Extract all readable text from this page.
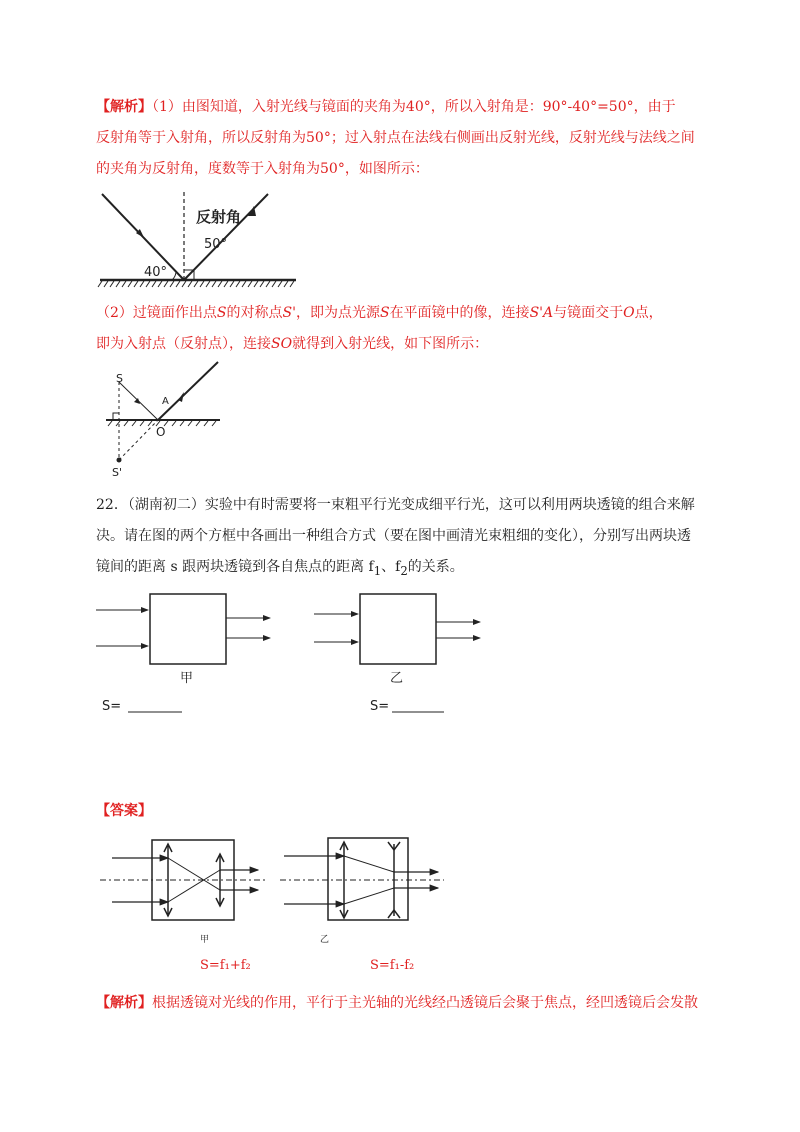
【解析】（1）由图知道，入射光线与镜面的夹角为40°，所以入射角是：90°-40°=50°，由于
反射角等于入射角，所以反射角为50°；过入射点在法线右侧画出反射光线，反射光线与法线之间
的夹角为反射角，度数等于入射角为50°，如图所示：
反射角
50°
40°
（2）过镜面作出点S的对称点S'，即为点光源S在平面镜中的像，连接S'A与镜面交于O点，
即为入射点（反射点），连接SO就得到入射光线，如下图所示：
S
A
O
S'
22．（湖南初二）实验中有时需要将一束粗平行光变成细平行光，这可以利用两块透镜的组合来解
决。请在图的两个方框中各画出一种组合方式（要在图中画清光束粗细的变化），分别写出两块透
镜间的距离 s 跟两块透镜到各自焦点的距离 $f_1$、$f_2$的关系。
甲
S=
乙
S=
【答案】
甲	乙
S=f₁+f₂	S=f₁-f₂
【解析】根据透镜对光线的作用，平行于主光轴的光线经凸透镜后会聚于焦点，经凹透镜后会发散
